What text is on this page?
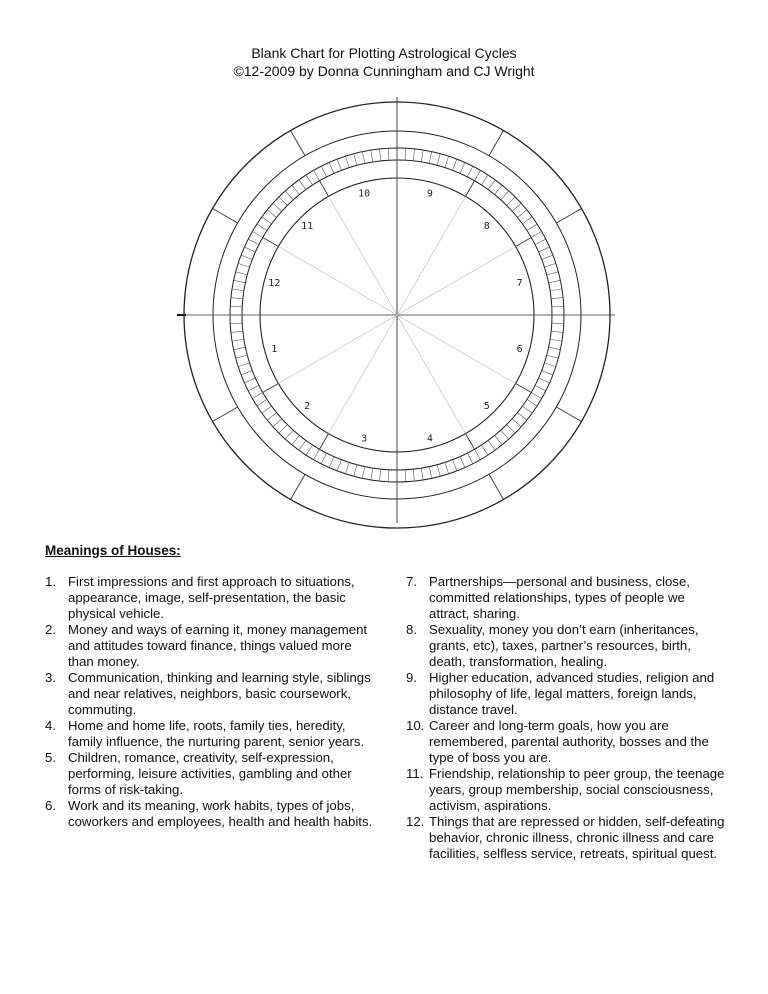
Blank Chart for Plotting Astrological Cycles
©12-2009 by Donna Cunningham and CJ Wright
1
2
3	4
5
6
7
8
9
10
11
12
Meanings of Houses:
1. First impressions and first approach to situations, appearance, image, self-presentation, the basic physical vehicle.
2. Money and ways of earning it, money management and attitudes toward finance, things valued more than money.
3. Communication, thinking and learning style, siblings and near relatives, neighbors, basic coursework, commuting.
4. Home and home life, roots, family ties, heredity, family influence, the nurturing parent, senior years.
5. Children, romance, creativity, self-expression, performing, leisure activities, gambling and other forms of risk-taking.
6. Work and its meaning, work habits, types of jobs, coworkers and employees, health and health habits.
7. Partnerships—personal and business, close, committed relationships, types of people we attract, sharing.
8. Sexuality, money you don’t earn (inheritances, grants, etc), taxes, partner’s resources, birth, death, transformation, healing.
9. Higher education, advanced studies, religion and philosophy of life, legal matters, foreign lands, distance travel.
10. Career and long-term goals, how you are remembered, parental authority, bosses and the type of boss you are.
11. Friendship, relationship to peer group, the teenage years, group membership, social consciousness, activism, aspirations.
12. Things that are repressed or hidden, self-defeating behavior, chronic illness, chronic illness and care facilities, selfless service, retreats, spiritual quest.
